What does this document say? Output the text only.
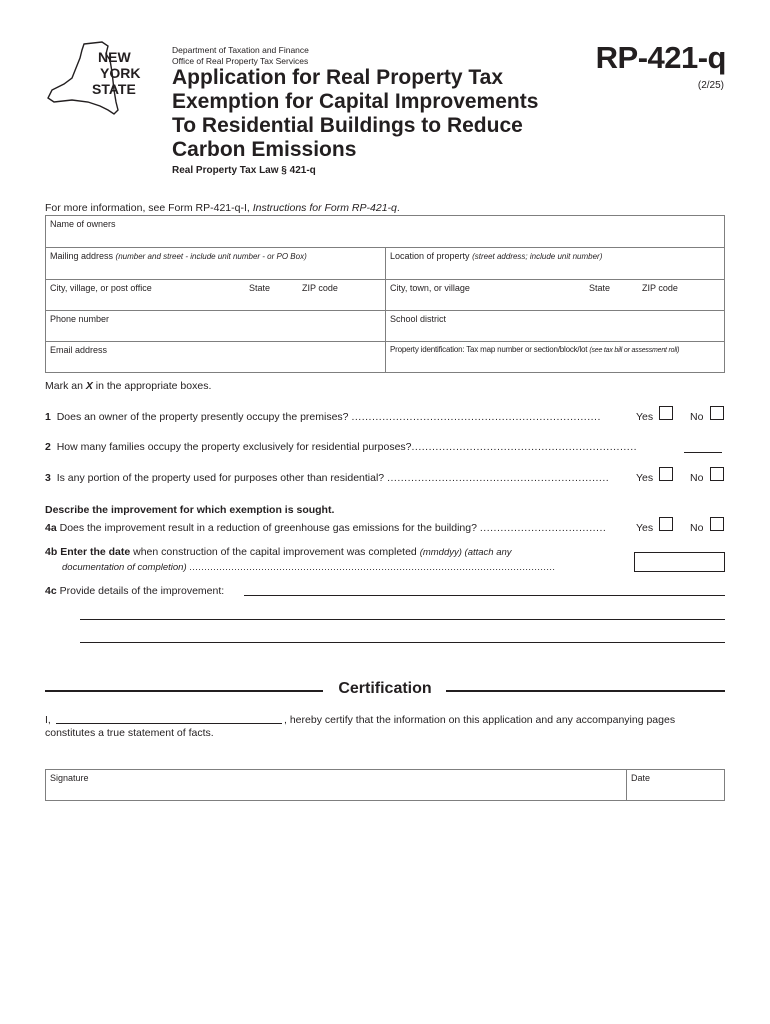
NEW
YORK
STATE
Department of Taxation and Finance
Office of Real Property Tax Services
Application for Real Property Tax
Exemption for Capital Improvements
To Residential Buildings to Reduce
Carbon Emissions
Real Property Tax Law § 421-q
RP-421-q
(2/25)
For more information, see Form RP-421-q-I, Instructions for Form RP-421-q.
Name of owners
Mailing address (number and street - include unit number - or PO Box)	Location of property (street address; include unit number)
City, village, or post office	State	ZIP code	City, town, or village	State	ZIP code
Phone number	School district
Email address	Property identification: Tax map number or section/block/lot (see tax bill or assessment roll)
Mark an X in the appropriate boxes.
1 Does an owner of the property presently occupy the premises? .........................................................................	Yes	No
2 How many families occupy the property exclusively for residential purposes?..................................................................
3 Is any portion of the property used for purposes other than residential? .................................................................	Yes	No
Describe the improvement for which exemption is sought.
4a Does the improvement result in a reduction of greenhouse gas emissions for the building? .....................................	Yes	No
4b Enter the date when construction of the capital improvement was completed (mmddyy) (attach any
documentation of completion) ..........................................................................................................................
4c Provide details of the improvement:
Certification
I,	, hereby certify that the information on this application and any accompanying pages
constitutes a true statement of facts.
Signature	Date
